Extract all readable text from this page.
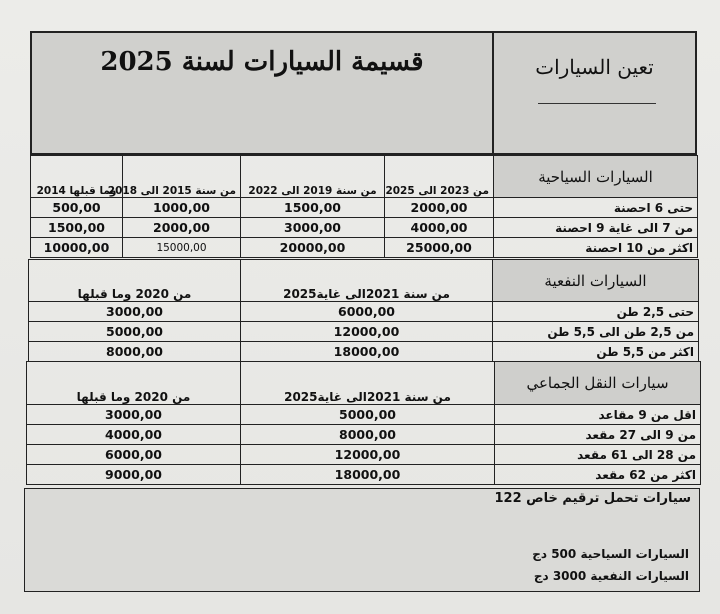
قسيمة السيارات لسنة 2025	تعين السيارات
وما قبلها 2014	من سنة 2015 الى 2018	من سنة 2019 الى 2022	من 2023 الى 2025	السيارات السياحية
500,00	1000,00	1500,00	2000,00	حتى 6 احصنة
1500,00	2000,00	3000,00	4000,00	من 7 الى غاية 9 احصنة
10000,00	15000,00	20000,00	25000,00	اكثر من 10 احصنة
من 2020 وما قبلها	من سنة 2021الى غاية2025	السيارات النفعية
3000,00	6000,00	حتى 2,5 طن
5000,00	12000,00	من 2,5 طن الى 5,5 طن
8000,00	18000,00	اكثر من 5,5 طن
من 2020 وما قبلها	من سنة 2021الى غاية2025	سيارات النقل الجماعي
3000,00	5000,00	اقل من 9 مقاعد
4000,00	8000,00	من 9 الى 27 مقعد
6000,00	12000,00	من 28 الى 61 مقعد
9000,00	18000,00	اكثر من 62 مقعد
سيارات تحمل ترقيم خاص 122
السيارات السياحية 500 دج
السيارات النفعية 3000 دج
